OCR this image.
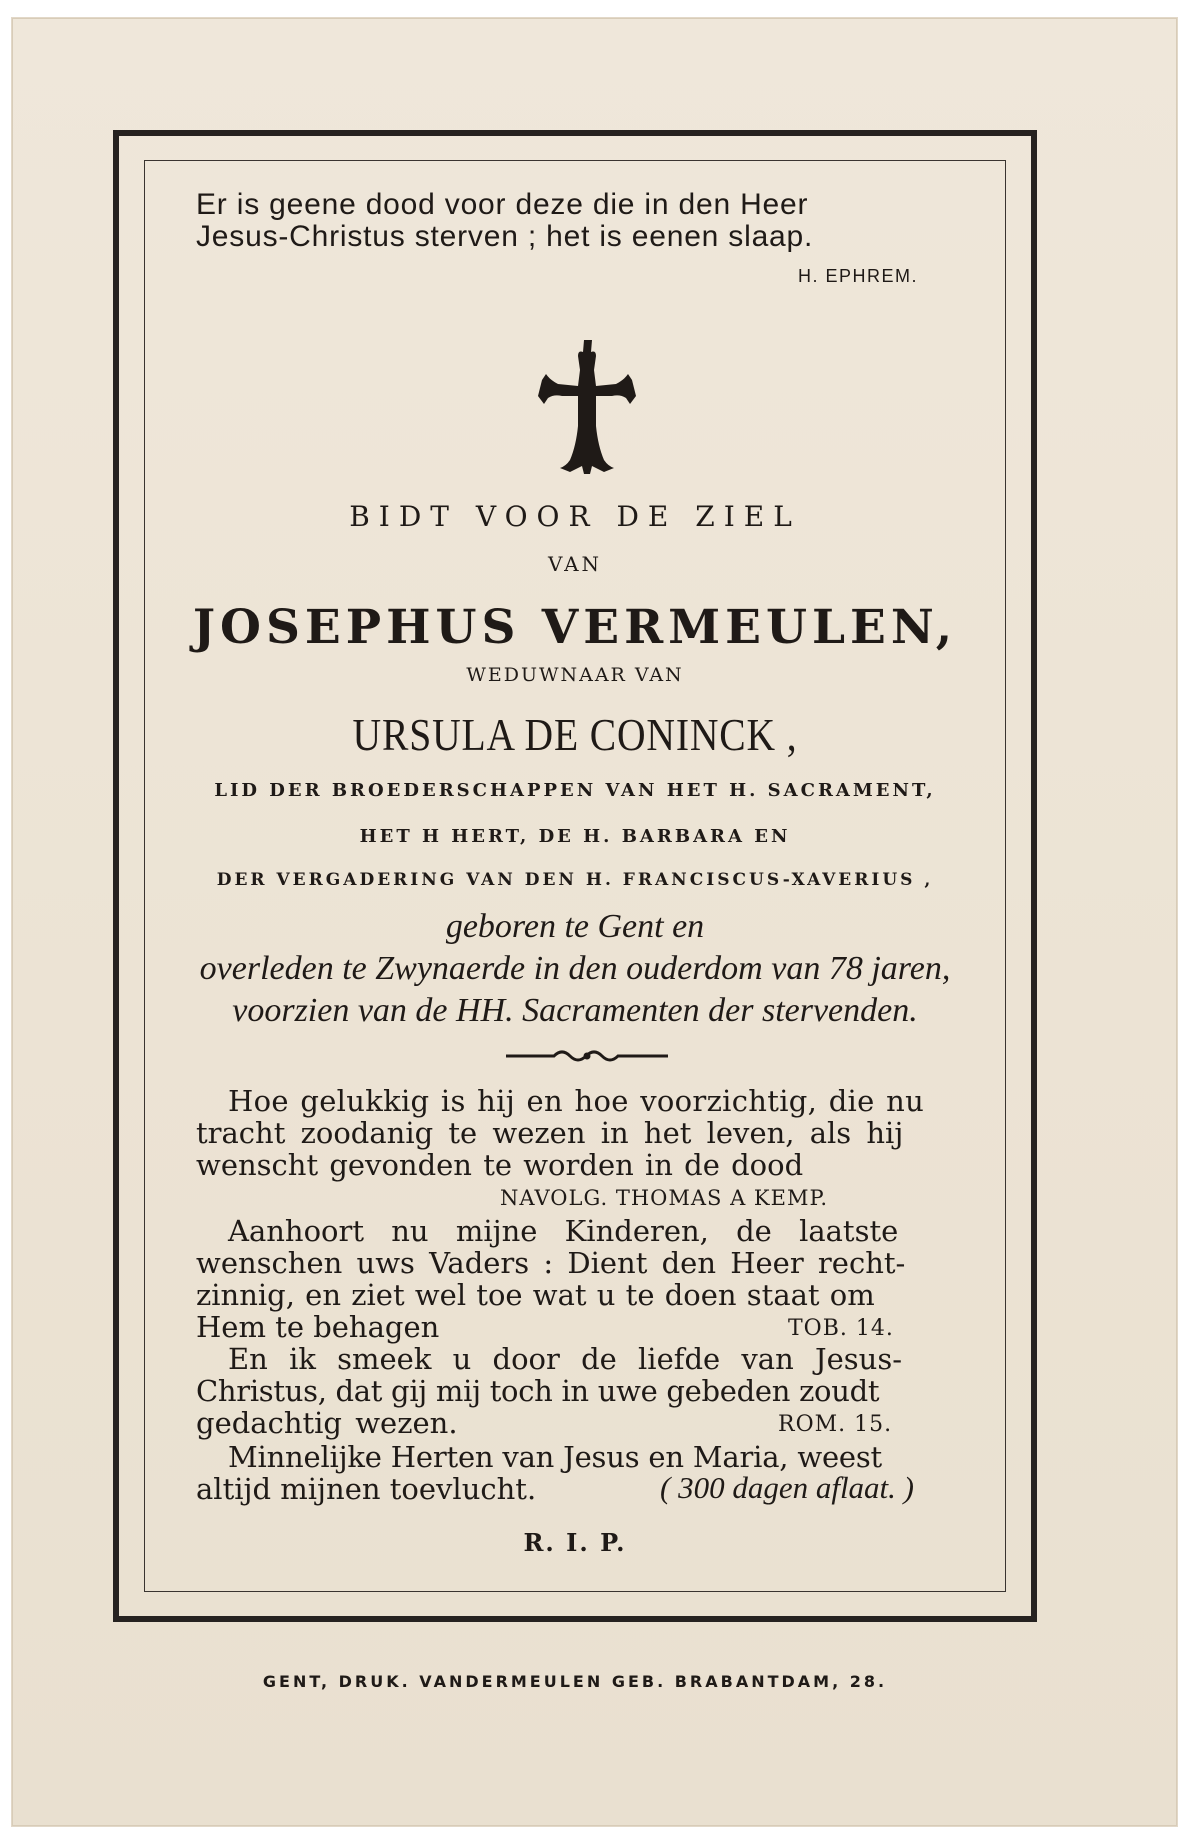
Er is geene dood voor deze die in den Heer
Jesus-Christus sterven ; het is eenen slaap.
H. EPHREM.
BIDT VOOR DE ZIEL
VAN
JOSEPHUS VERMEULEN,
WEDUWNAAR VAN
URSULA DE CONINCK ,
LID DER BROEDERSCHAPPEN VAN HET H. SACRAMENT,
HET H HERT, DE H. BARBARA EN
DER VERGADERING VAN DEN H. FRANCISCUS-XAVERIUS ,
geboren te Gent en
overleden te Zwynaerde in den ouderdom van 78 jaren,
voorzien van de HH. Sacramenten der stervenden.
Hoe gelukkig is hij en hoe voorzichtig, die nu
tracht zoodanig te wezen in het leven, als hij
wenscht gevonden te worden in de dood
NAVOLG. THOMAS A KEMP.
Aanhoort nu mijne Kinderen, de laatste
wenschen uws Vaders : Dient den Heer recht-
zinnig, en ziet wel toe wat u te doen staat om
Hem te behagen	TOB. 14.
En ik smeek u door de liefde van Jesus-
Christus, dat gij mij toch in uwe gebeden zoudt
gedachtig wezen.	ROM. 15.
Minnelijke Herten van Jesus en Maria, weest
altijd mijnen toevlucht.	( 300 dagen aflaat. )
R. I. P.
GENT, DRUK. VANDERMEULEN GEB. BRABANTDAM, 28.
